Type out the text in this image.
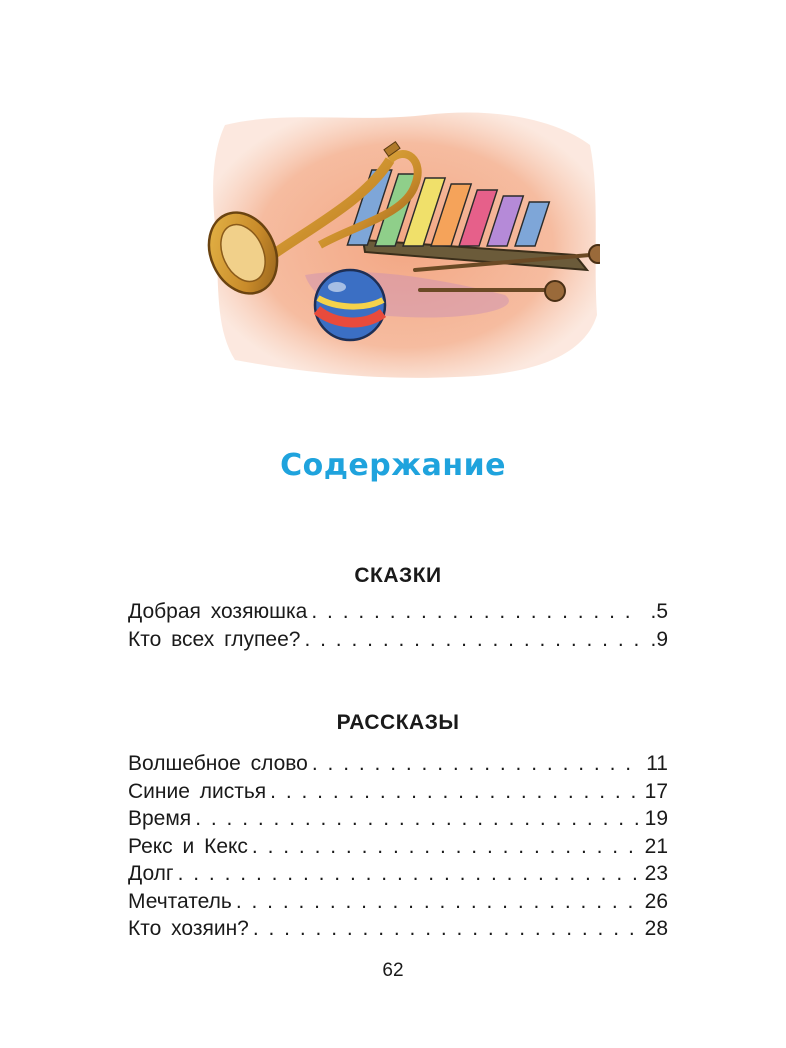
Содержание
СКАЗКИ
Добрая хозяюшка . . .	.5
Кто всех глупее? . . .	.9
РАССКАЗЫ
Волшебное слово . . .	11
Синие листья . . .	17
Время . . .	19
Рекс и Кекс . . .	21
Долг . . .	23
Мечтатель . . .	26
Кто хозяин? . . .	28
62
